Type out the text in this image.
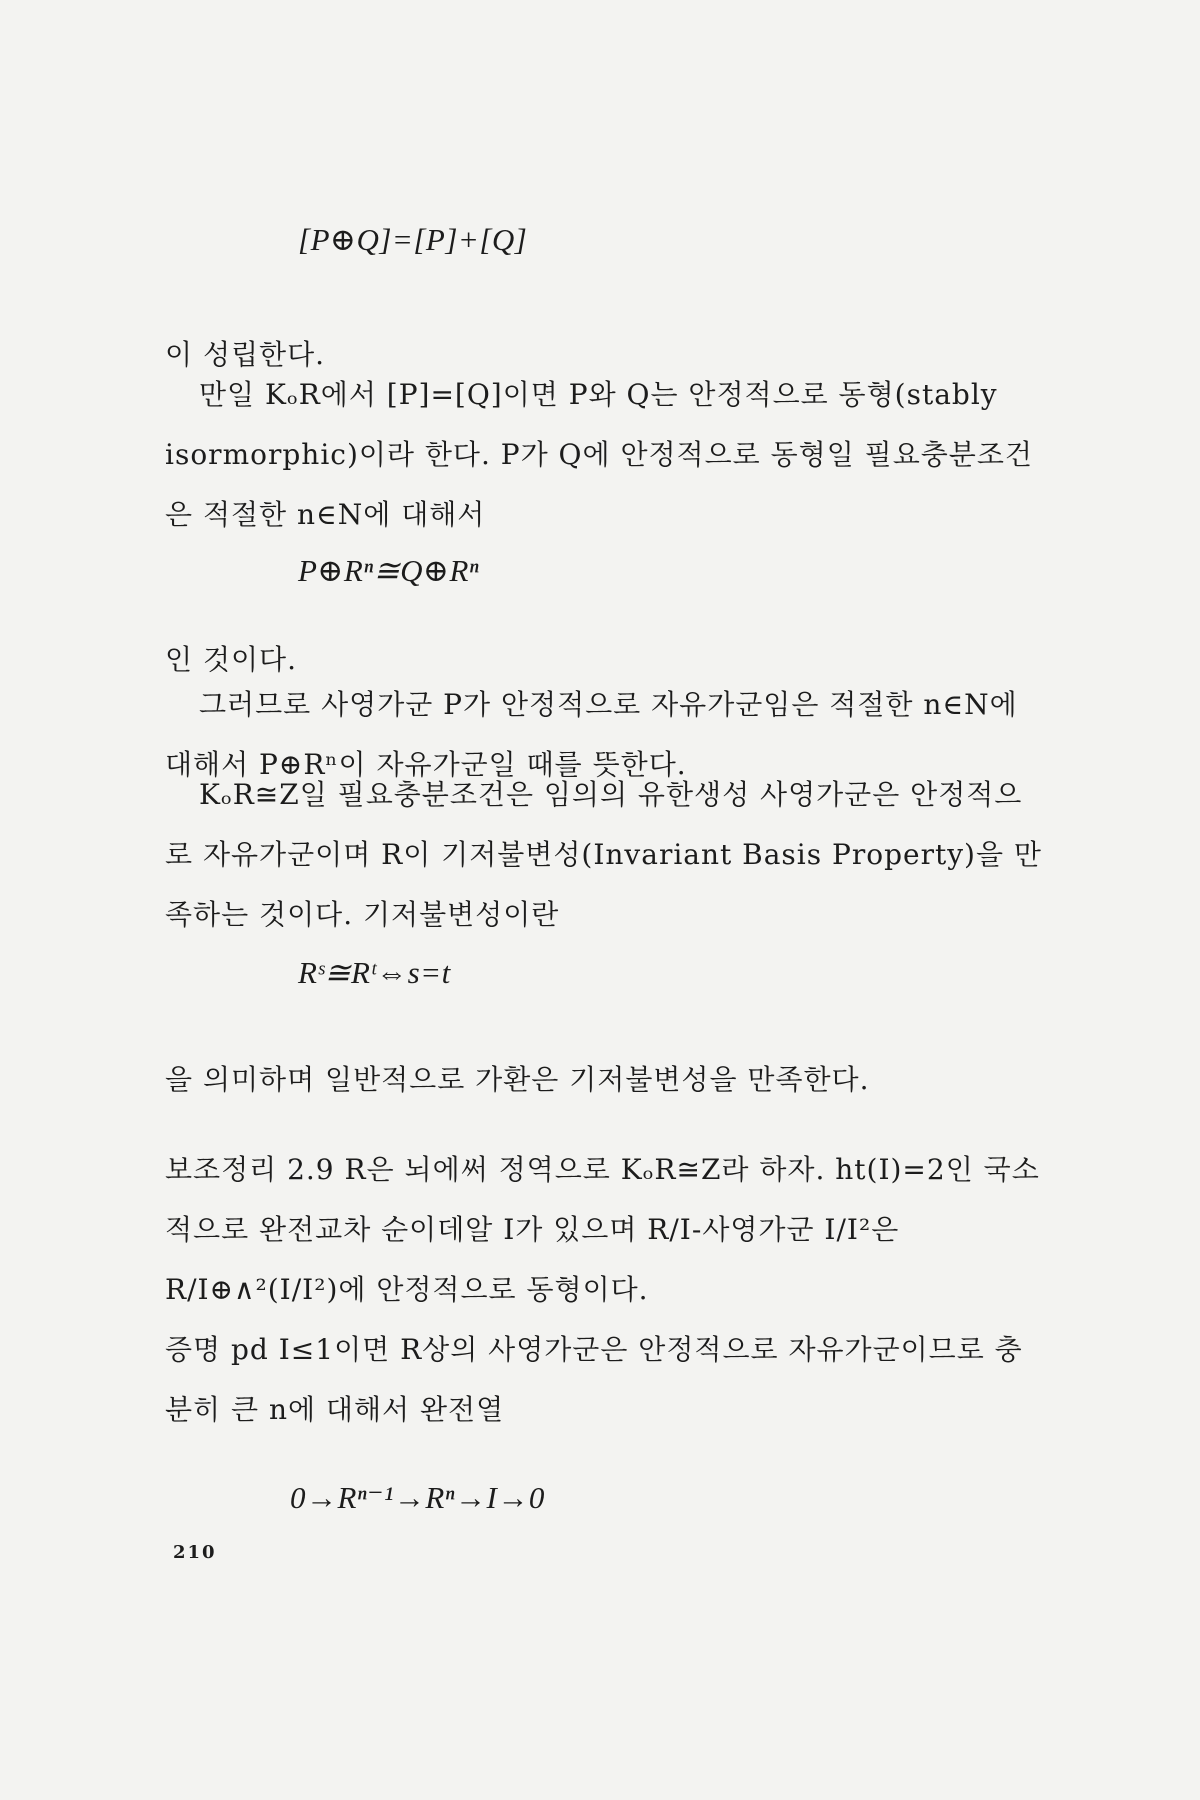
[P⊕Q]=[P]+[Q]
이 성립한다.
만일 KₒR에서 [P]=[Q]이면 P와 Q는 안정적으로 동형(stably isormorphic)이라 한다. P가 Q에 안정적으로 동형일 필요충분조건은 적절한 n∈N에 대해서
P⊕Rⁿ≅Q⊕Rⁿ
인 것이다.
그러므로 사영가군 P가 안정적으로 자유가군임은 적절한 n∈N에 대해서 P⊕Rⁿ이 자유가군일 때를 뜻한다.
KₒR≅Z일 필요충분조건은 임의의 유한생성 사영가군은 안정적으로 자유가군이며 R이 기저불변성(Invariant Basis Property)을 만족하는 것이다. 기저불변성이란
Rˢ≅Rᵗ⇔s=t
을 의미하며 일반적으로 가환은 기저불변성을 만족한다.
보조정리 2.9 R은 뇌에써 정역으로 KₒR≅Z라 하자. ht(I)=2인 국소적으로 완전교차 순이데알 I가 있으며 R/I-사영가군 I/I²은 R/I⊕∧²(I/I²)에 안정적으로 동형이다.
증명 pd I≤1이면 R상의 사영가군은 안정적으로 자유가군이므로 충분히 큰 n에 대해서 완전열
0→Rⁿ⁻¹→Rⁿ→I→0
210
